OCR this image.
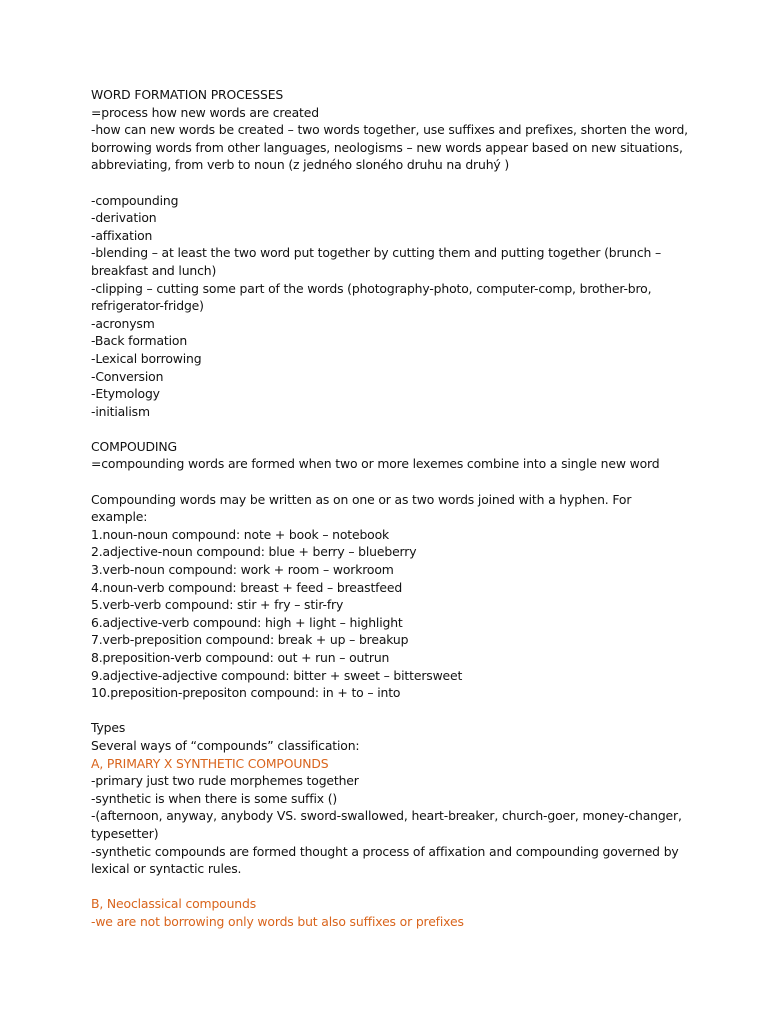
WORD FORMATION PROCESSES
=process how new words are created
-how can new words be created – two words together, use suffixes and prefixes, shorten the word, borrowing words from other languages, neologisms – new words appear based on new situations, abbreviating, from verb to noun (z jedného sloného druhu na druhý )
-compounding
-derivation
-affixation
-blending – at least the two word put together by cutting them and putting together (brunch – breakfast and lunch)
-clipping – cutting some part of the words (photography-photo, computer-comp, brother-bro, refrigerator-fridge)
-acronysm
-Back formation
-Lexical borrowing
-Conversion
-Etymology
-initialism
COMPOUDING
=compounding words are formed when two or more lexemes combine into a single new word
Compounding words may be written as on one or as two words joined with a hyphen. For example:
1.noun-noun compound: note + book – notebook
2.adjective-noun compound: blue + berry – blueberry
3.verb-noun compound: work + room – workroom
4.noun-verb compound: breast + feed – breastfeed
5.verb-verb compound: stir + fry – stir-fry
6.adjective-verb compound: high + light – highlight
7.verb-preposition compound: break + up – breakup
8.preposition-verb compound: out + run – outrun
9.adjective-adjective compound: bitter + sweet – bittersweet
10.preposition-prepositon compound: in + to – into
Types
Several ways of “compounds” classification:
A, PRIMARY X SYNTHETIC COMPOUNDS
-primary just two rude morphemes together
-synthetic is when there is some suffix ()
-(afternoon, anyway, anybody VS. sword-swallowed, heart-breaker, church-goer, money-changer, typesetter)
-synthetic compounds are formed thought a process of affixation and compounding governed by lexical or syntactic rules.
B, Neoclassical compounds
-we are not borrowing only words but also suffixes or prefixes
